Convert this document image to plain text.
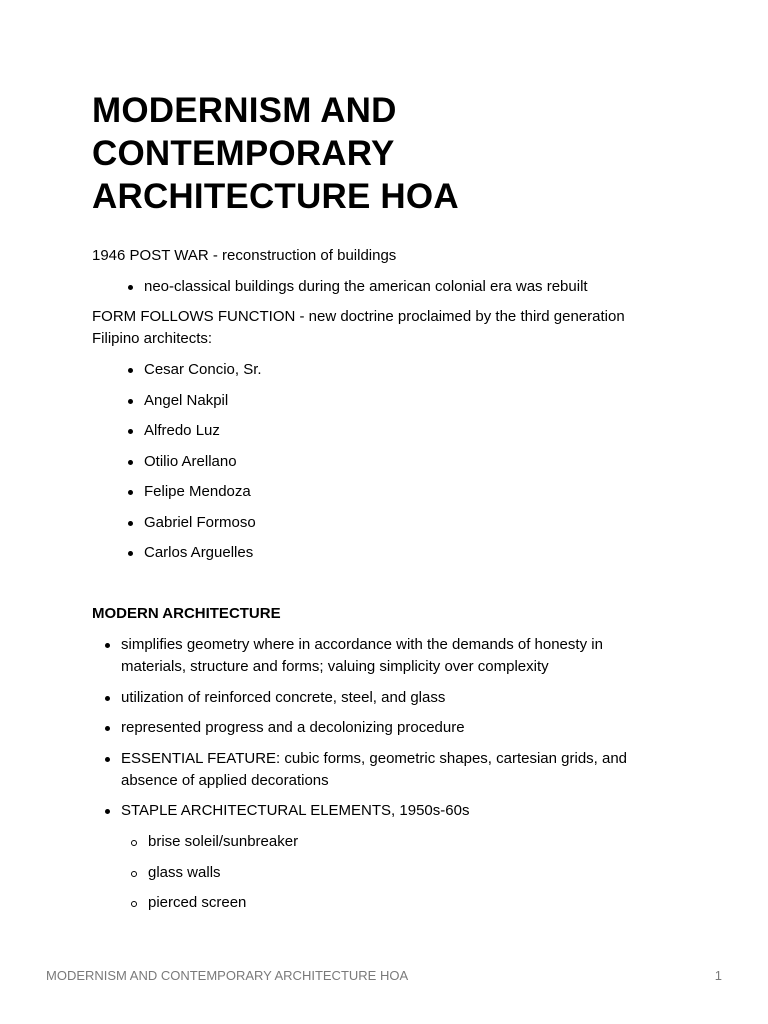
MODERNISM AND
CONTEMPORARY
ARCHITECTURE HOA

1946 POST WAR - reconstruction of buildings

neo-classical buildings during the american colonial era was rebuilt

FORM FOLLOWS FUNCTION - new doctrine proclaimed by the third generation Filipino architects:

Cesar Concio, Sr.
Angel Nakpil
Alfredo Luz
Otilio Arellano
Felipe Mendoza
Gabriel Formoso
Carlos Arguelles
MODERN ARCHITECTURE
simplifies geometry where in accordance with the demands of honesty in materials, structure and forms; valuing simplicity over complexity
utilization of reinforced concrete, steel, and glass
represented progress and a decolonizing procedure
ESSENTIAL FEATURE: cubic forms, geometric shapes, cartesian grids, and absence of applied decorations
STAPLE ARCHITECTURAL ELEMENTS, 1950s-60s
brise soleil/sunbreaker
glass walls
pierced screen
MODERNISM AND CONTEMPORARY ARCHITECTURE HOA	1
